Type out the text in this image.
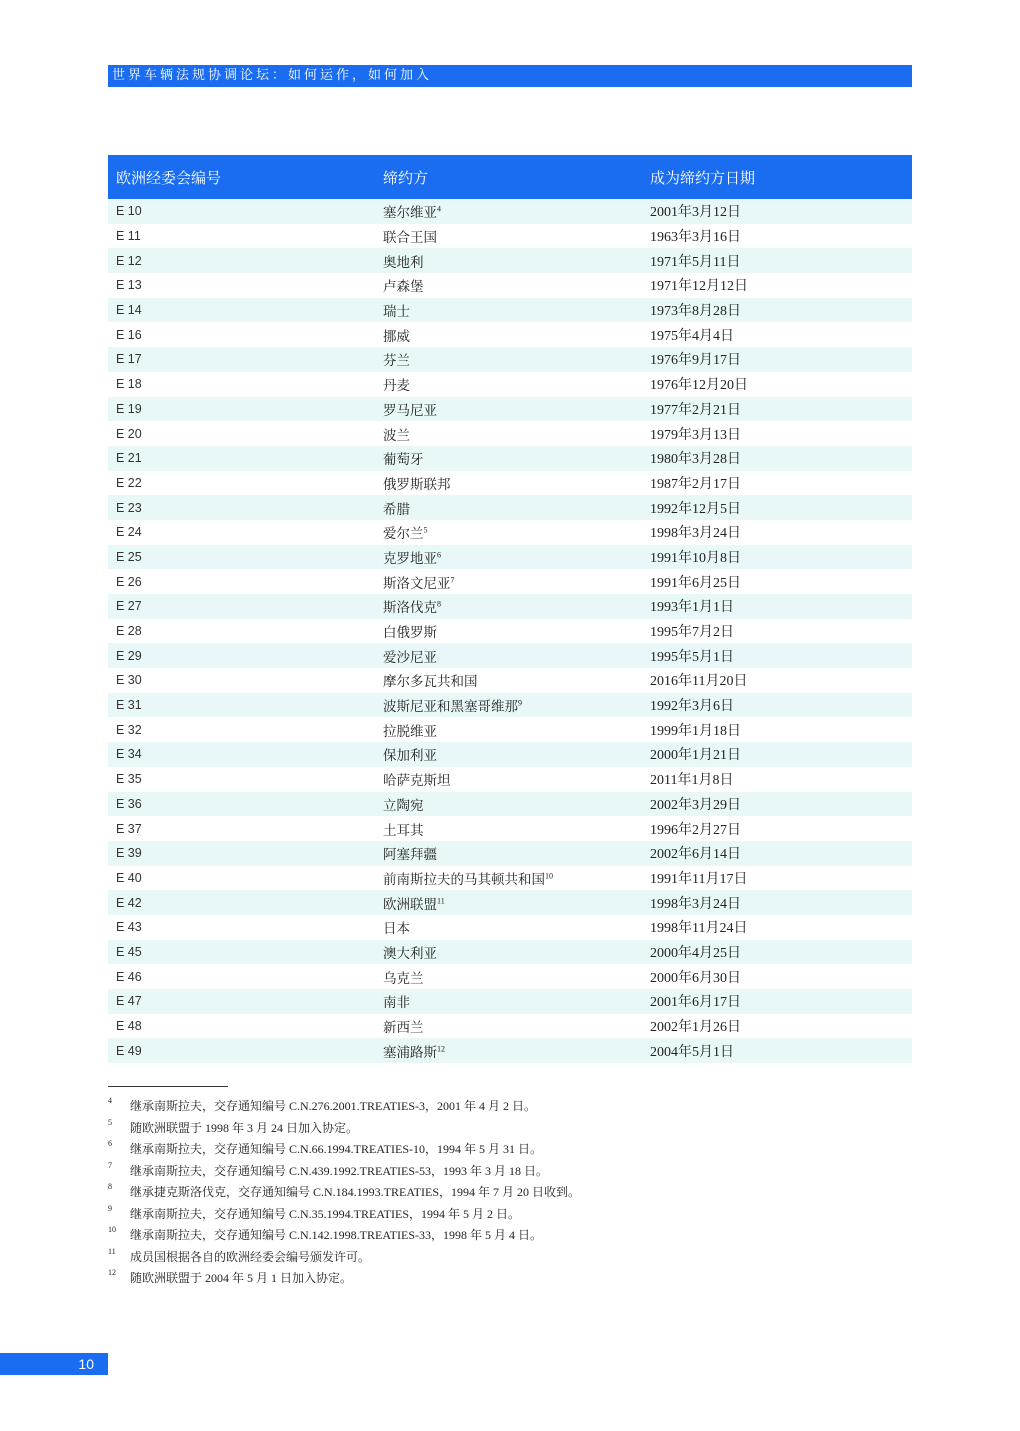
世界车辆法规协调论坛：如何运作，如何加入
欧洲经委会编号	缔约方	成为缔约方日期
E 10	塞尔维亚$^4$	2001年3月12日
E 11	联合王国	1963年3月16日
E 12	奥地利	1971年5月11日
E 13	卢森堡	1971年12月12日
E 14	瑞士	1973年8月28日
E 16	挪威	1975年4月4日
E 17	芬兰	1976年9月17日
E 18	丹麦	1976年12月20日
E 19	罗马尼亚	1977年2月21日
E 20	波兰	1979年3月13日
E 21	葡萄牙	1980年3月28日
E 22	俄罗斯联邦	1987年2月17日
E 23	希腊	1992年12月5日
E 24	爱尔兰$^5$	1998年3月24日
E 25	克罗地亚$^6$	1991年10月8日
E 26	斯洛文尼亚$^7$	1991年6月25日
E 27	斯洛伐克$^8$	1993年1月1日
E 28	白俄罗斯	1995年7月2日
E 29	爱沙尼亚	1995年5月1日
E 30	摩尔多瓦共和国	2016年11月20日
E 31	波斯尼亚和黑塞哥维那$^9$	1992年3月6日
E 32	拉脱维亚	1999年1月18日
E 34	保加利亚	2000年1月21日
E 35	哈萨克斯坦	2011年1月8日
E 36	立陶宛	2002年3月29日
E 37	土耳其	1996年2月27日
E 39	阿塞拜疆	2002年6月14日
E 40	前南斯拉夫的马其顿共和国$^{10}$	1991年11月17日
E 42	欧洲联盟$^{11}$	1998年3月24日
E 43	日本	1998年11月24日
E 45	澳大利亚	2000年4月25日
E 46	乌克兰	2000年6月30日
E 47	南非	2001年6月17日
E 48	新西兰	2002年1月26日
E 49	塞浦路斯$^{12}$	2004年5月1日
4	继承南斯拉夫，交存通知编号 C.N.276.2001.TREATIES-3，2001 年 4 月 2 日。
5	随欧洲联盟于 1998 年 3 月 24 日加入协定。
6	继承南斯拉夫，交存通知编号 C.N.66.1994.TREATIES-10，1994 年 5 月 31 日。
7	继承南斯拉夫，交存通知编号 C.N.439.1992.TREATIES-53，1993 年 3 月 18 日。
8	继承捷克斯洛伐克，交存通知编号 C.N.184.1993.TREATIES，1994 年 7 月 20 日收到。
9	继承南斯拉夫，交存通知编号 C.N.35.1994.TREATIES，1994 年 5 月 2 日。
10	继承南斯拉夫，交存通知编号 C.N.142.1998.TREATIES-33，1998 年 5 月 4 日。
11	成员国根据各自的欧洲经委会编号颁发许可。
12	随欧洲联盟于 2004 年 5 月 1 日加入协定。
10
